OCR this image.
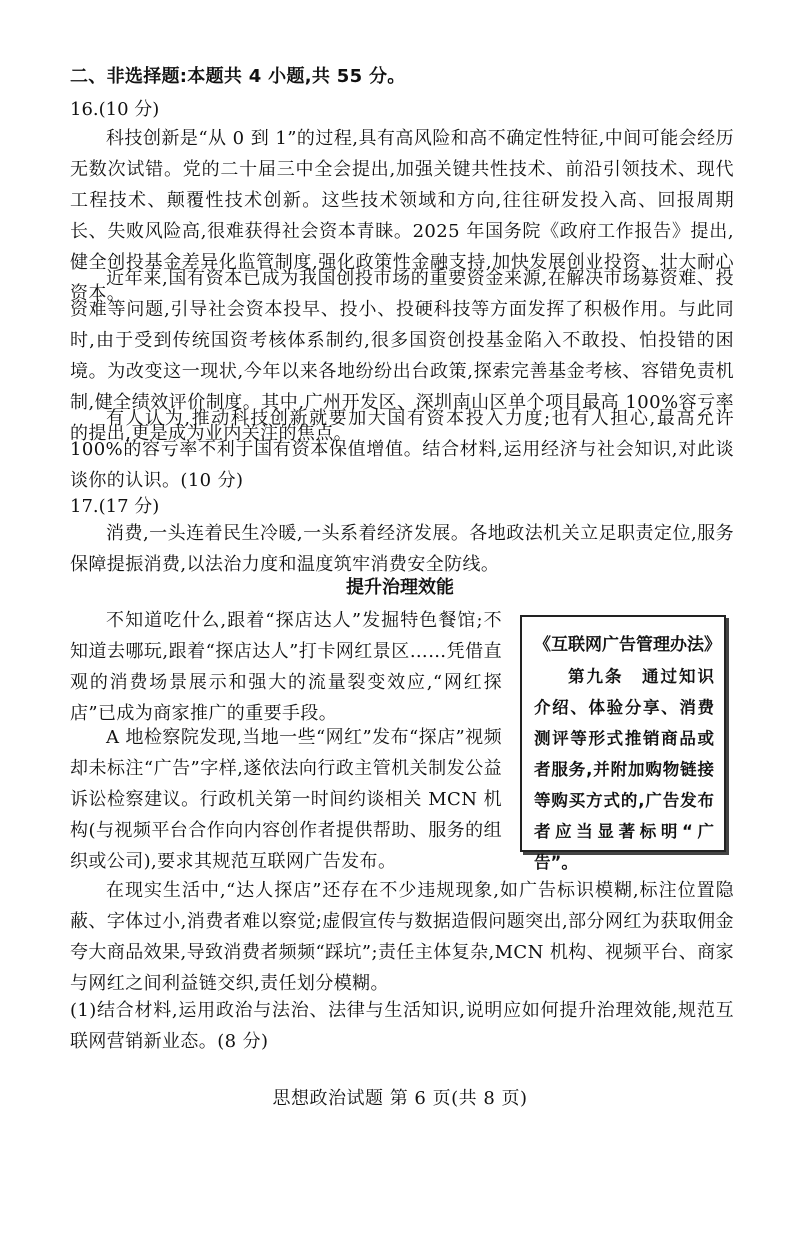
二、非选择题:本题共 4 小题,共 55 分。
16.(10 分)

科技创新是“从 0 到 1”的过程,具有高风险和高不确定性特征,中间可能会经历无数次试错。党的二十届三中全会提出,加强关键共性技术、前沿引领技术、现代工程技术、颠覆性技术创新。这些技术领域和方向,往往研发投入高、回报周期长、失败风险高,很难获得社会资本青睐。2025 年国务院《政府工作报告》提出,健全创投基金差异化监管制度,强化政策性金融支持,加快发展创业投资、壮大耐心资本。

近年来,国有资本已成为我国创投市场的重要资金来源,在解决市场募资难、投资难等问题,引导社会资本投早、投小、投硬科技等方面发挥了积极作用。与此同时,由于受到传统国资考核体系制约,很多国资创投基金陷入不敢投、怕投错的困境。为改变这一现状,今年以来各地纷纷出台政策,探索完善基金考核、容错免责机制,健全绩效评价制度。其中,广州开发区、深圳南山区单个项目最高 100%容亏率的提出,更是成为业内关注的焦点。

有人认为,推动科技创新就要加大国有资本投入力度;也有人担心,最高允许 100%的容亏率不利于国有资本保值增值。结合材料,运用经济与社会知识,对此谈谈你的认识。(10 分)

17.(17 分)

消费,一头连着民生冷暖,一头系着经济发展。各地政法机关立足职责定位,服务保障提振消费,以法治力度和温度筑牢消费安全防线。

提升治理效能

不知道吃什么,跟着“探店达人”发掘特色餐馆;不知道去哪玩,跟着“探店达人”打卡网红景区……凭借直观的消费场景展示和强大的流量裂变效应,“网红探店”已成为商家推广的重要手段。

A 地检察院发现,当地一些“网红”发布“探店”视频却未标注“广告”字样,遂依法向行政主管机关制发公益诉讼检察建议。行政机关第一时间约谈相关 MCN 机构(与视频平台合作向内容创作者提供帮助、服务的组织或公司),要求其规范互联网广告发布。

《互联网广告管理办法》

第九条　通过知识介绍、体验分享、消费测评等形式推销商品或者服务,并附加购物链接等购买方式的,广告发布者应当显著标明“广告”。

在现实生活中,“达人探店”还存在不少违规现象,如广告标识模糊,标注位置隐蔽、字体过小,消费者难以察觉;虚假宣传与数据造假问题突出,部分网红为获取佣金夸大商品效果,导致消费者频频“踩坑”;责任主体复杂,MCN 机构、视频平台、商家与网红之间利益链交织,责任划分模糊。

(1)结合材料,运用政治与法治、法律与生活知识,说明应如何提升治理效能,规范互联网营销新业态。(8 分)

思想政治试题 第 6 页(共 8 页)
